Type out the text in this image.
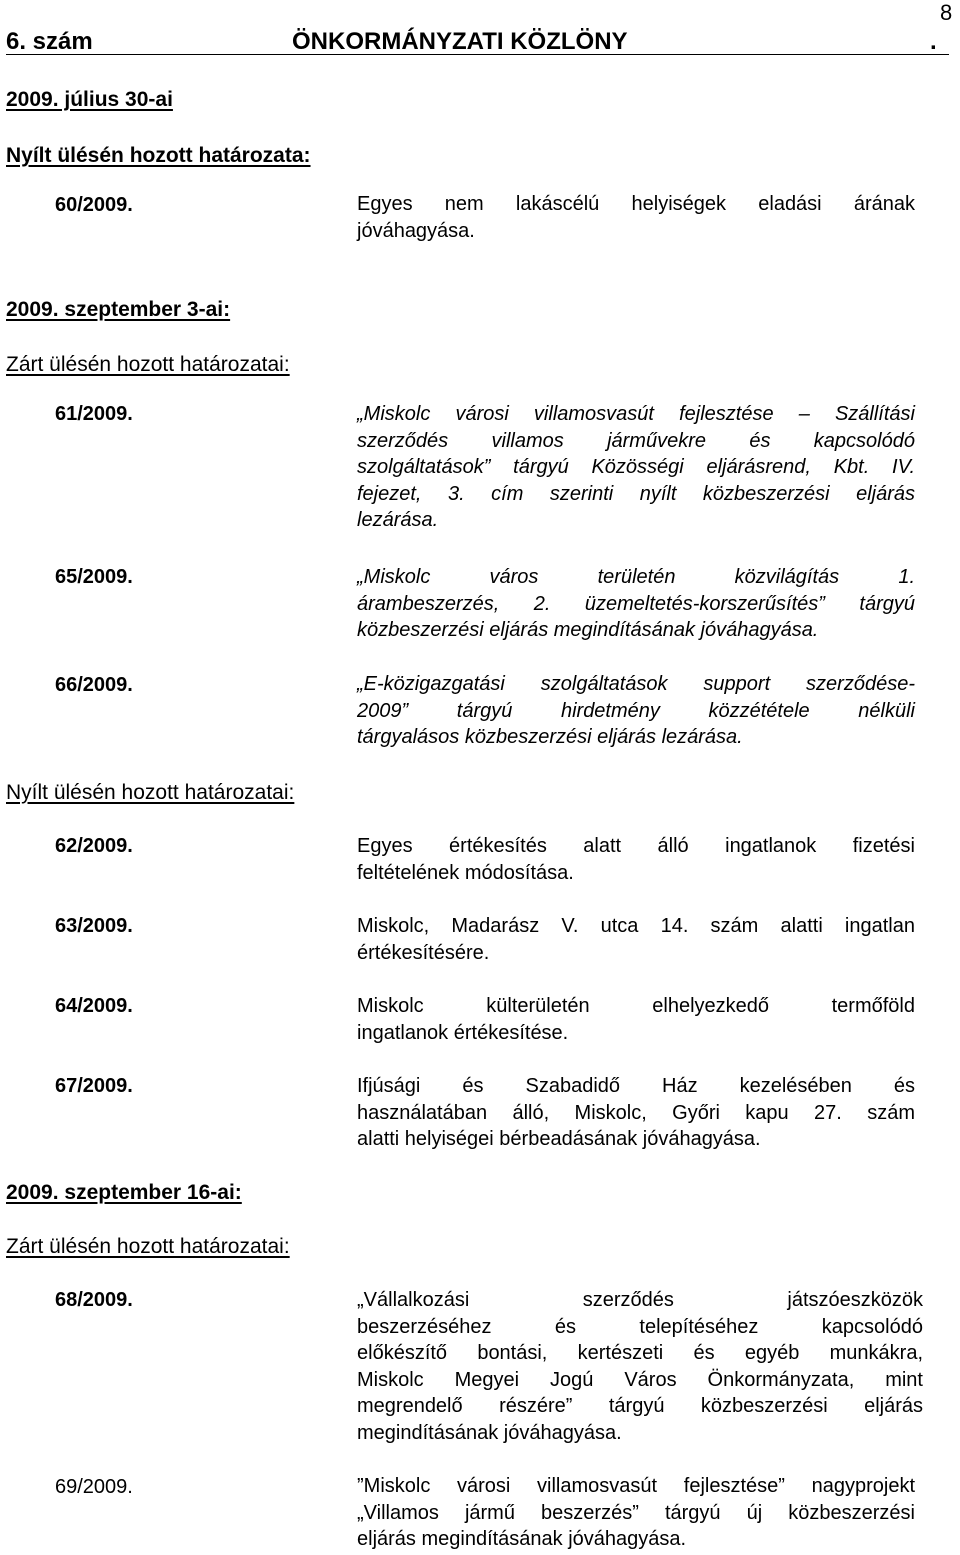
8
6. szám	ÖNKORMÁNYZATI KÖZLÖNY	.
2009. július 30-ai
Nyílt ülésén hozott határozata:
60/2009.	Egyes nem lakáscélú helyiségek eladási árának
jóváhagyása.
2009. szeptember 3-ai:
Zárt ülésén hozott határozatai:
61/2009.	„Miskolc városi villamosvasút fejlesztése – Szállítási
szerződés villamos járművekre és kapcsolódó
szolgáltatások” tárgyú Közösségi eljárásrend, Kbt. IV.
fejezet, 3. cím szerinti nyílt közbeszerzési eljárás
lezárása.
65/2009.	„Miskolc város területén közvilágítás 1.
árambeszerzés, 2. üzemeltetés-korszerűsítés” tárgyú
közbeszerzési eljárás megindításának jóváhagyása.
66/2009.	„E-közigazgatási szolgáltatások support szerződése-
2009” tárgyú hirdetmény közzététele nélküli
tárgyalásos közbeszerzési eljárás lezárása.
Nyílt ülésén hozott határozatai:
62/2009.	Egyes értékesítés alatt álló ingatlanok fizetési
feltételének módosítása.
63/2009.	Miskolc, Madarász V. utca 14. szám alatti ingatlan
értékesítésére.
64/2009.	Miskolc külterületén elhelyezkedő termőföld
ingatlanok értékesítése.
67/2009.	Ifjúsági és Szabadidő Ház kezelésében és
használatában álló, Miskolc, Győri kapu 27. szám
alatti helyiségei bérbeadásának jóváhagyása.
2009. szeptember 16-ai:
Zárt ülésén hozott határozatai:
68/2009.	„Vállalkozási szerződés játszóeszközök
beszerzéséhez és telepítéséhez kapcsolódó
előkészítő bontási, kertészeti és egyéb munkákra,
Miskolc Megyei Jogú Város Önkormányzata, mint
megrendelő részére” tárgyú közbeszerzési eljárás
megindításának jóváhagyása.
69/2009.	”Miskolc városi villamosvasút fejlesztése” nagyprojekt
„Villamos jármű beszerzés” tárgyú új közbeszerzési
eljárás megindításának jóváhagyása.
